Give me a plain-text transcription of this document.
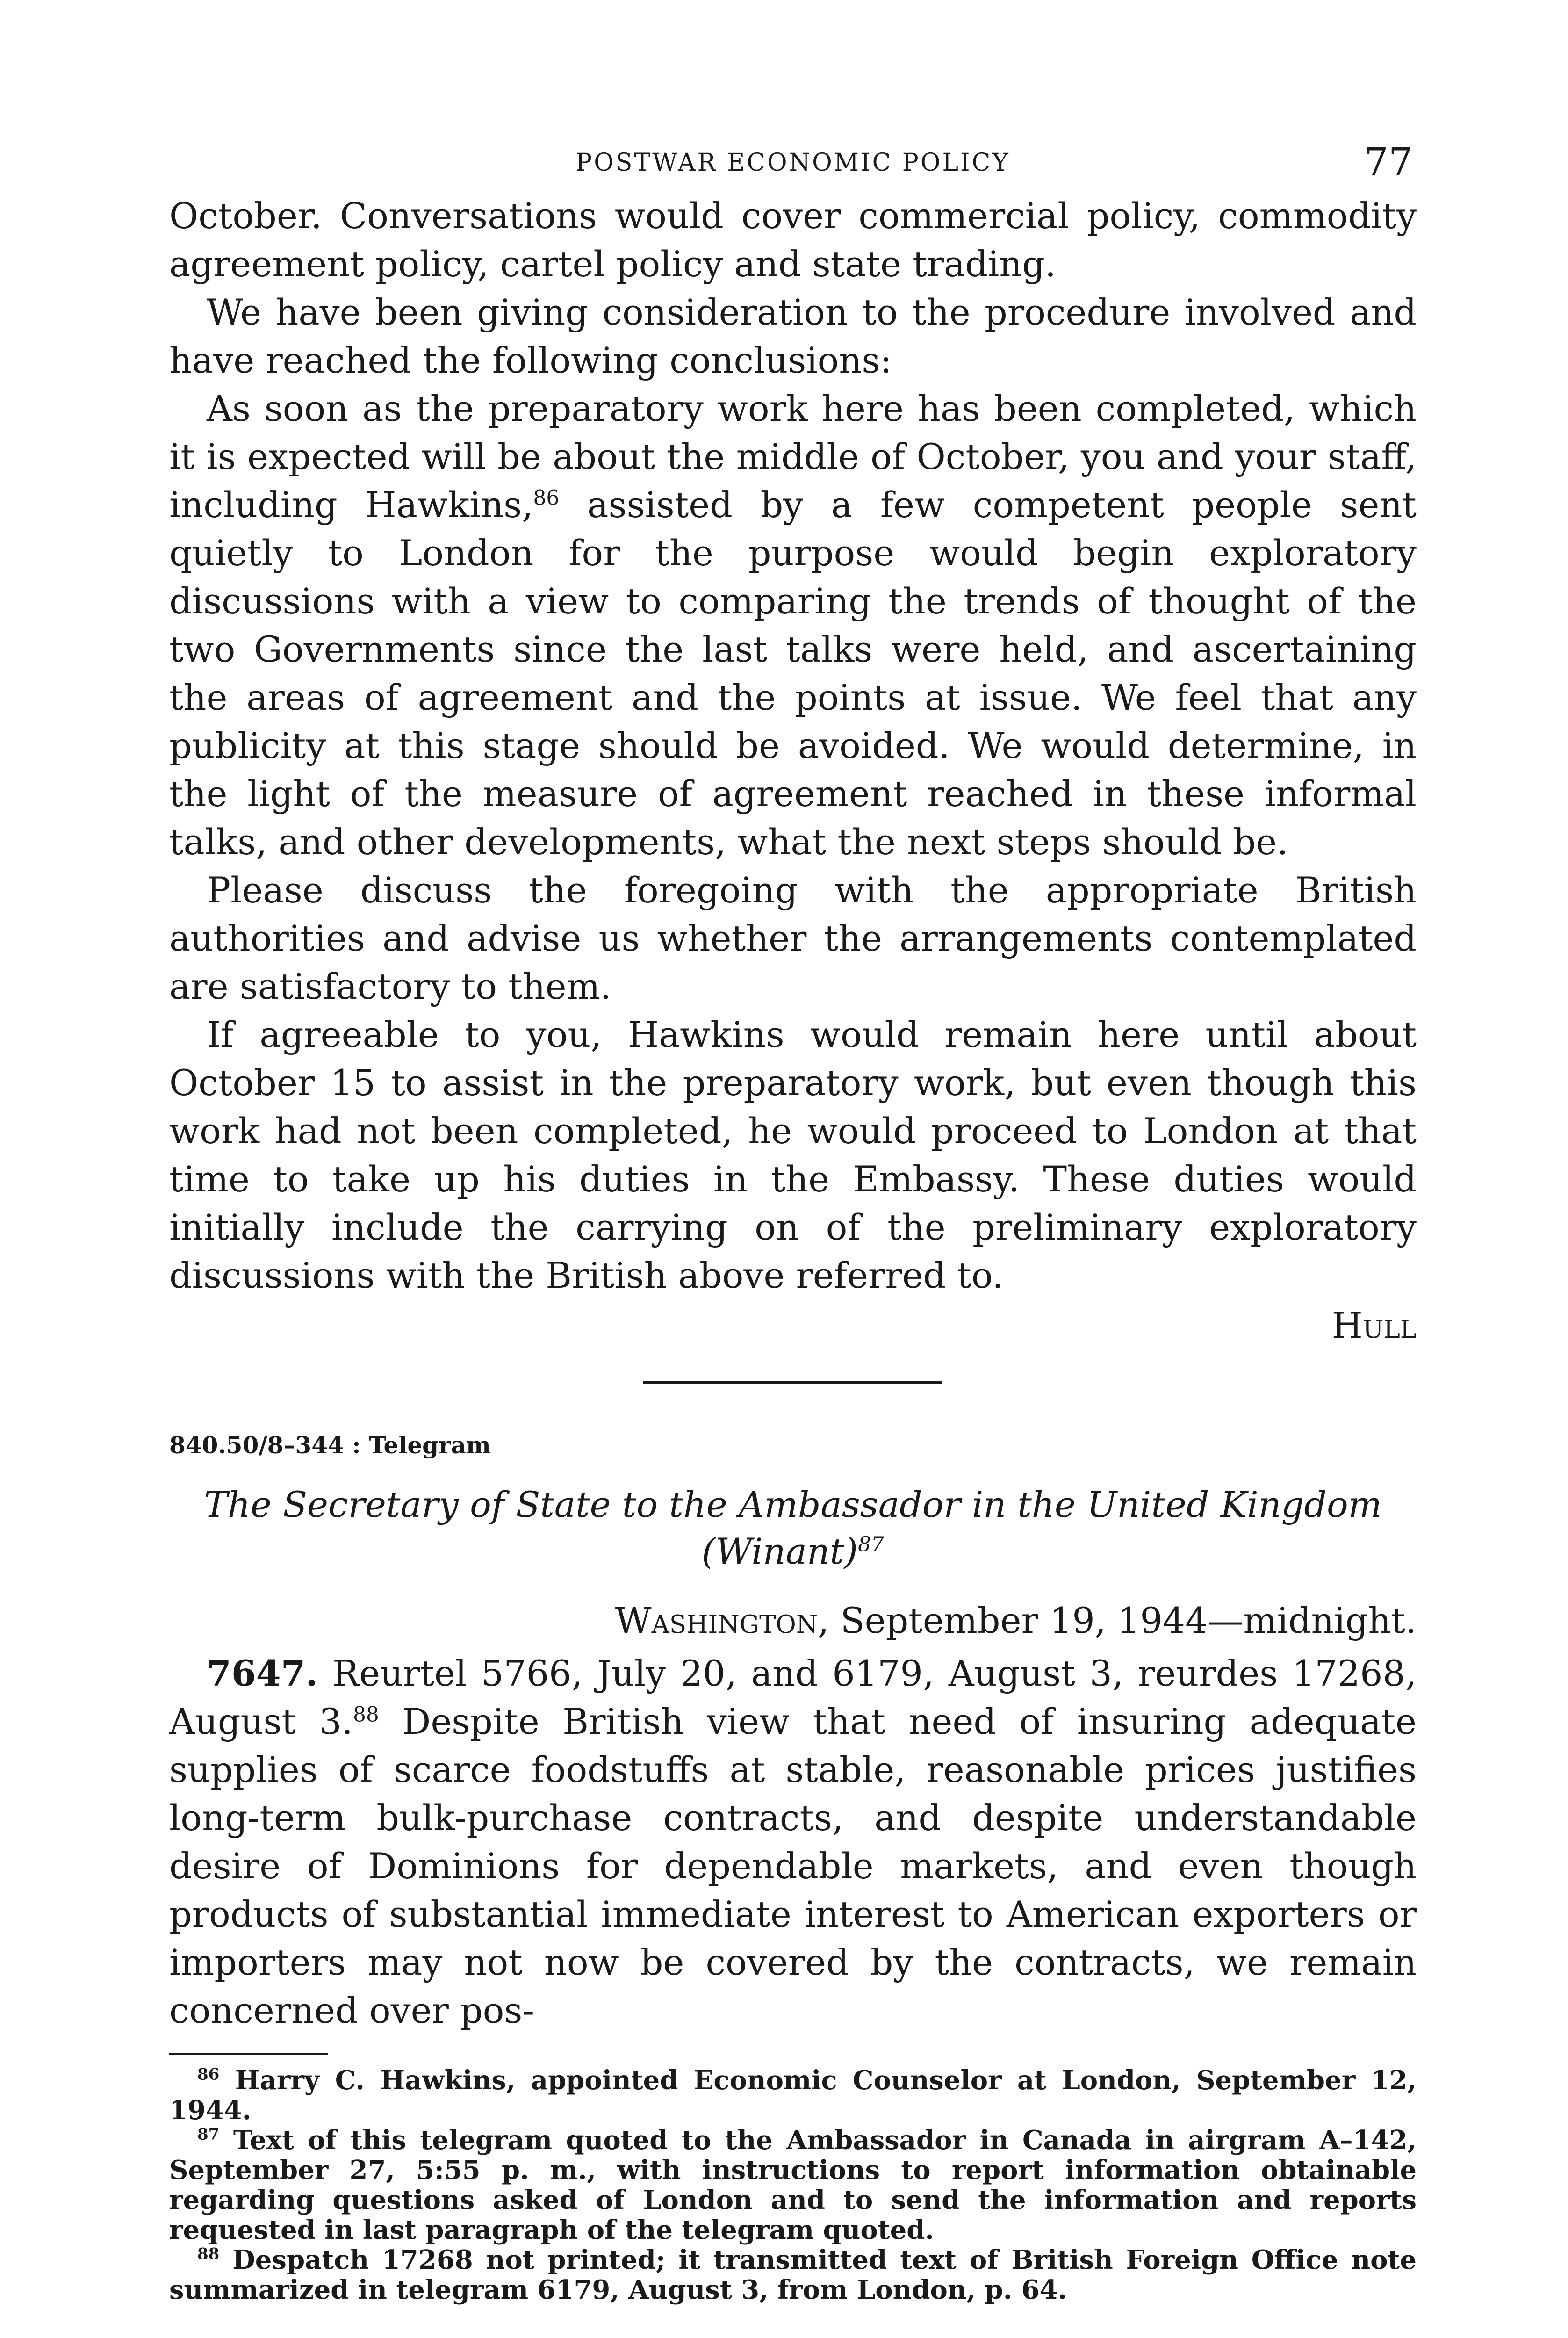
POSTWAR ECONOMIC POLICY	77

October. Conversations would cover commercial policy, commodity agreement policy, cartel policy and state trading.

We have been giving consideration to the procedure involved and have reached the following conclusions:

As soon as the preparatory work here has been completed, which it is expected will be about the middle of October, you and your staff, including Hawkins,$^{86}$ assisted by a few competent people sent quietly to London for the purpose would begin exploratory discussions with a view to comparing the trends of thought of the two Governments since the last talks were held, and ascertaining the areas of agreement and the points at issue. We feel that any publicity at this stage should be avoided. We would determine, in the light of the measure of agreement reached in these informal talks, and other developments, what the next steps should be.

Please discuss the foregoing with the appropriate British authorities and advise us whether the arrangements contemplated are satisfactory to them.

If agreeable to you, Hawkins would remain here until about October 15 to assist in the preparatory work, but even though this work had not been completed, he would proceed to London at that time to take up his duties in the Embassy. These duties would initially include the carrying on of the preliminary exploratory discussions with the British above referred to.

Hull
840.50/8–344 : Telegram
The Secretary of State to the Ambassador in the United Kingdom
(Winant)$^{87}$
Washington, September 19, 1944—midnight.

7647. Reurtel 5766, July 20, and 6179, August 3, reurdes 17268, August 3.88 Despite British view that need of insuring adequate supplies of scarce foodstuffs at stable, reasonable prices justifies long-term bulk-purchase contracts, and despite understandable desire of Dominions for dependable markets, and even though products of substantial immediate interest to American exporters or importers may not now be covered by the contracts, we remain concerned over pos-

$^{86}$ Harry C. Hawkins, appointed Economic Counselor at London, September 12, 1944.

$^{87}$ Text of this telegram quoted to the Ambassador in Canada in airgram A–142, September 27, 5:55 p. m., with instructions to report information obtainable regarding questions asked of London and to send the information and reports requested in last paragraph of the telegram quoted.

$^{88}$ Despatch 17268 not printed; it transmitted text of British Foreign Office note summarized in telegram 6179, August 3, from London, p. 64.
